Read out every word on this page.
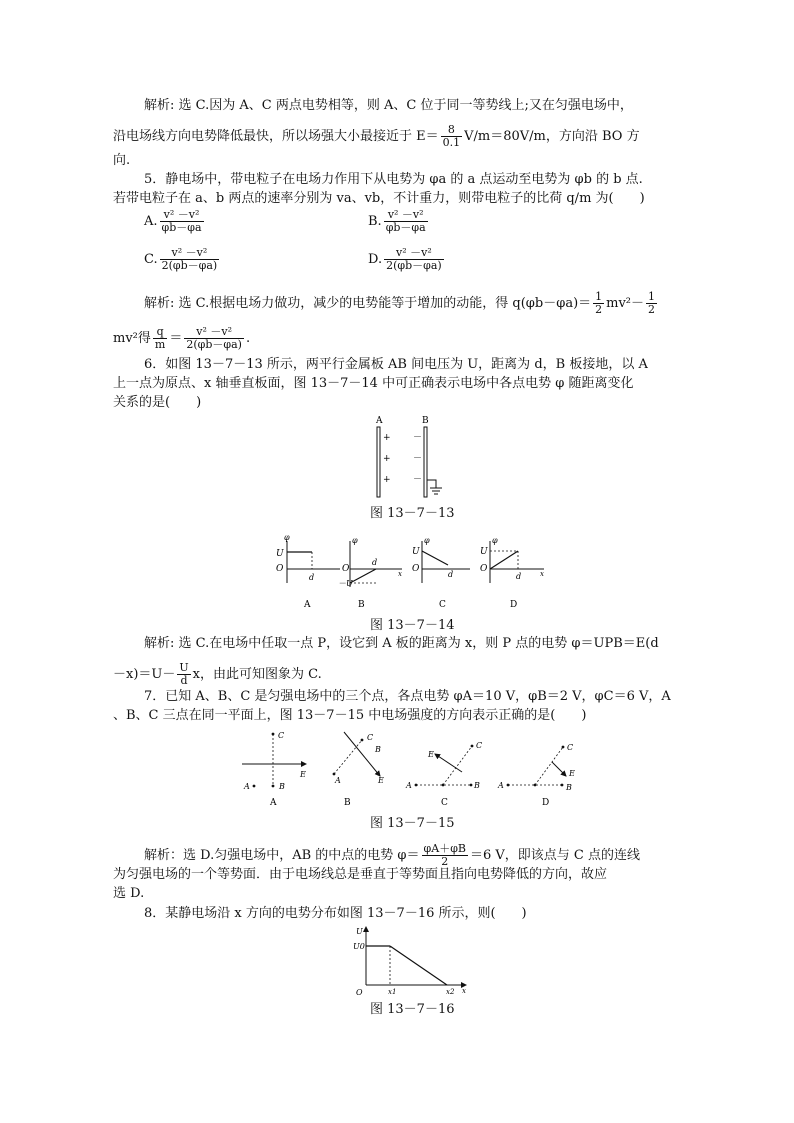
解析: 选 C.因为 A、C 两点电势相等，则 A、C 位于同一等势线上;又在匀强电场中，
沿电场线方向电势降低最快，所以场强大小最接近于 $E= \frac{8}{0.1} V/m=80V/m$，方向沿 BO 方
向.
5．静电场中，带电粒子在电场力作用下从电势为 φa 的 a 点运动至电势为 φb 的 b 点.
若带电粒子在 a、b 两点的速率分别为 va、vb，不计重力，则带电粒子的比荷 q/m 为(　　)
A. $\frac{\text{v² －v²}}{\varphi b-\varphi a}$	B. $\frac{\text{v² －v²}}{\varphi b-\varphi a}$
C. $\frac{\text{v² －v²}}{2(\varphi b-\varphi a)}$	D. $\frac{\text{v² －v²}}{2(\varphi b-\varphi a)}$
解析: 选 C.根据电场力做功，减少的电势能等于增加的动能，得 $q(\varphi b-\varphi a)= \frac{1}{2} mv^2- \frac{1}{2}$
mv²得 $\frac{q}{m} = \frac{\text{v² －v²}}{2(\varphi b-\varphi a)}$ .
6．如图 13－7－13 所示，两平行金属板 AB 间电压为 U，距离为 d，B 板接地，以 A
上一点为原点、x 轴垂直板面，图 13－7－14 中可正确表示电场中各点电势 φ 随距离变化
关系的是(　　)
A	B
+
+
+
－
－
－
图 13－7－13
φ
U
O
d
φ
x
O
－U
d
φ
U
O
d
φ
x
U
O
d
A	B	C	D
图 13－7－14
解析: 选 C.在电场中任取一点 P，设它到 A 板的距离为 x，则 P 点的电势 φ＝UPB＝E(d
$-x)=U- \frac{U}{d}$ x，由此可知图象为 C.
7．已知 A、B、C 是匀强电场中的三个点，各点电势 φA＝10 V，φB＝2 V，φC＝6 V，A
、B、C 三点在同一平面上，图 13－7－15 中电场强度的方向表示正确的是(　　)
C
E
B
A
C
B
A	E
A	B
C
E
A	B
C
E
A	B	C	D
图 13－7－15
解析：选 D.匀强电场中，AB 的中点的电势 $\varphi= \frac{\varphi A+\varphi B}{2} =6$ V，即该点与 C 点的连线
为匀强电场的一个等势面．由于电场线总是垂直于等势面且指向电势降低的方向，故应
选 D.
8．某静电场沿 x 方向的电势分布如图 13－7－16 所示，则(　　)
U
U0
O	x1	x2 x
图 13－7－16
